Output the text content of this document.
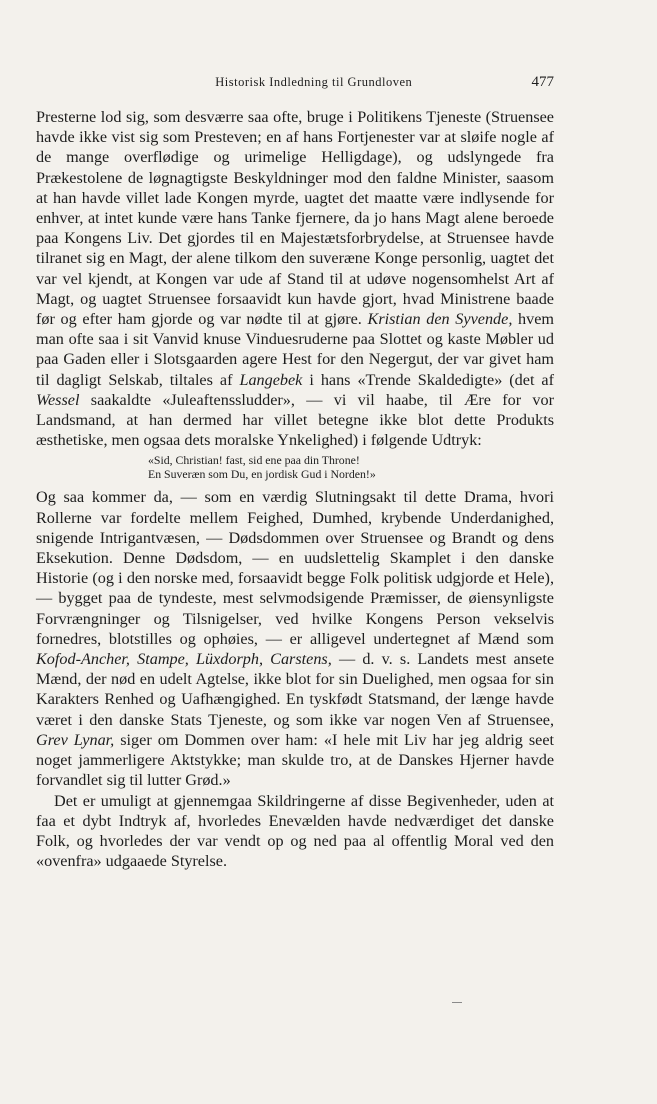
Historisk Indledning til Grundloven	477

Presterne lod sig, som desværre saa ofte, bruge i Politikens Tjeneste (Struensee havde ikke vist sig som Presteven; en af hans Fortjenester var at sløife nogle af de mange overflødige og urimelige Helligdage), og udslyngede fra Prækestolene de løgnagtigste Beskyldninger mod den faldne Minister, saasom at han havde villet lade Kongen myrde, uagtet det maatte være indlysende for enhver, at intet kunde være hans Tanke fjernere, da jo hans Magt alene beroede paa Kongens Liv. Det gjordes til en Majestætsforbrydelse, at Struensee havde tilranet sig en Magt, der alene tilkom den suveræne Konge personlig, uagtet det var vel kjendt, at Kongen var ude af Stand til at udøve nogensomhelst Art af Magt, og uagtet Struensee forsaavidt kun havde gjort, hvad Ministrene baade før og efter ham gjorde og var nødte til at gjøre. Kristian den Syvende, hvem man ofte saa i sit Vanvid knuse Vinduesruderne paa Slottet og kaste Møbler ud paa Gaden eller i Slotsgaarden agere Hest for den Negergut, der var givet ham til dagligt Selskab, tiltales af Langebek i hans «Trende Skaldedigte» (det af Wessel saakaldte «Juleaftenssludder», — vi vil haabe, til Ære for vor Landsmand, at han dermed har villet betegne ikke blot dette Produkts æsthetiske, men ogsaa dets moralske Ynkelighed) i følgende Udtryk:

«Sid, Christian! fast, sid ene paa din Throne!
En Suveræn som Du, en jordisk Gud i Norden!»

Og saa kommer da, — som en værdig Slutningsakt til dette Drama, hvori Rollerne var fordelte mellem Feighed, Dumhed, krybende Underdanighed, snigende Intrigantvæsen, — Dødsdommen over Struensee og Brandt og dens Eksekution. Denne Dødsdom, — en uudslettelig Skamplet i den danske Historie (og i den norske med, forsaavidt begge Folk politisk udgjorde et Hele), — bygget paa de tyndeste, mest selvmodsigende Præmisser, de øiensynligste Forvrængninger og Tilsnigelser, ved hvilke Kongens Person vekselvis fornedres, blotstilles og ophøies, — er alligevel undertegnet af Mænd som Kofod-Ancher, Stampe, Lüxdorph, Carstens, — d. v. s. Landets mest ansete Mænd, der nød en udelt Agtelse, ikke blot for sin Duelighed, men ogsaa for sin Karakters Renhed og Uafhængighed. En tyskfødt Statsmand, der længe havde været i den danske Stats Tjeneste, og som ikke var nogen Ven af Struensee, Grev Lynar, siger om Dommen over ham: «I hele mit Liv har jeg aldrig seet noget jammerligere Aktstykke; man skulde tro, at de Danskes Hjerner havde forvandlet sig til lutter Grød.»

Det er umuligt at gjennemgaa Skildringerne af disse Begivenheder, uden at faa et dybt Indtryk af, hvorledes Enevælden havde nedværdiget det danske Folk, og hvorledes der var vendt op og ned paa al offentlig Moral ved den «ovenfra» udgaaede Styrelse.
